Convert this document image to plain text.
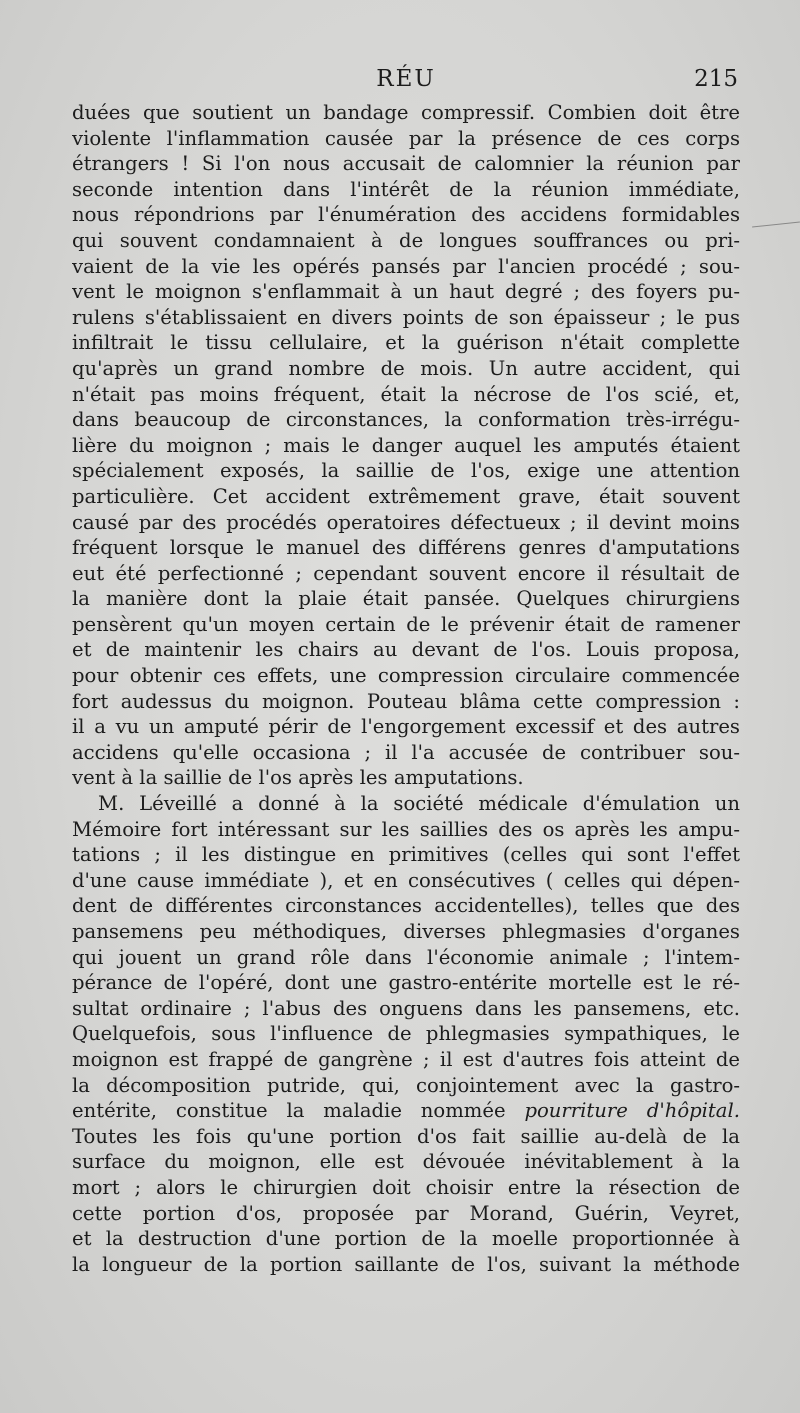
RÉU	215
duées que soutient un bandage compressif. Combien doit être
violente l'inflammation causée par la présence de ces corps
étrangers ! Si l'on nous accusait de calomnier la réunion par
seconde intention dans l'intérêt de la réunion immédiate,
nous répondrions par l'énumération des accidens formidables
qui souvent condamnaient à de longues souffrances ou pri-
vaient de la vie les opérés pansés par l'ancien procédé ; sou-
vent le moignon s'enflammait à un haut degré ; des foyers pu-
rulens s'établissaient en divers points de son épaisseur ; le pus
infiltrait le tissu cellulaire, et la guérison n'était complette
qu'après un grand nombre de mois. Un autre accident, qui
n'était pas moins fréquent, était la nécrose de l'os scié, et,
dans beaucoup de circonstances, la conformation très-irrégu-
lière du moignon ; mais le danger auquel les amputés étaient
spécialement exposés, la saillie de l'os, exige une attention
particulière. Cet accident extrêmement grave, était souvent
causé par des procédés operatoires défectueux ; il devint moins
fréquent lorsque le manuel des différens genres d'amputations
eut été perfectionné ; cependant souvent encore il résultait de
la manière dont la plaie était pansée. Quelques chirurgiens
pensèrent qu'un moyen certain de le prévenir était de ramener
et de maintenir les chairs au devant de l'os. Louis proposa,
pour obtenir ces effets, une compression circulaire commencée
fort audessus du moignon. Pouteau blâma cette compression :
il a vu un amputé périr de l'engorgement excessif et des autres
accidens qu'elle occasiona ; il l'a accusée de contribuer sou-
vent à la saillie de l'os après les amputations.
M. Léveillé a donné à la société médicale d'émulation un
Mémoire fort intéressant sur les saillies des os après les ampu-
tations ; il les distingue en primitives (celles qui sont l'effet
d'une cause immédiate ), et en consécutives ( celles qui dépen-
dent de différentes circonstances accidentelles), telles que des
pansemens peu méthodiques, diverses phlegmasies d'organes
qui jouent un grand rôle dans l'économie animale ; l'intem-
pérance de l'opéré, dont une gastro-entérite mortelle est le ré-
sultat ordinaire ; l'abus des onguens dans les pansemens, etc.
Quelquefois, sous l'influence de phlegmasies sympathiques, le
moignon est frappé de gangrène ; il est d'autres fois atteint de
la décomposition putride, qui, conjointement avec la gastro-
entérite, constitue la maladie nommée pourriture d'hôpital.
Toutes les fois qu'une portion d'os fait saillie au-delà de la
surface du moignon, elle est dévouée inévitablement à la
mort ; alors le chirurgien doit choisir entre la résection de
cette portion d'os, proposée par Morand, Guérin, Veyret,
et la destruction d'une portion de la moelle proportionnée à
la longueur de la portion saillante de l'os, suivant la méthode
